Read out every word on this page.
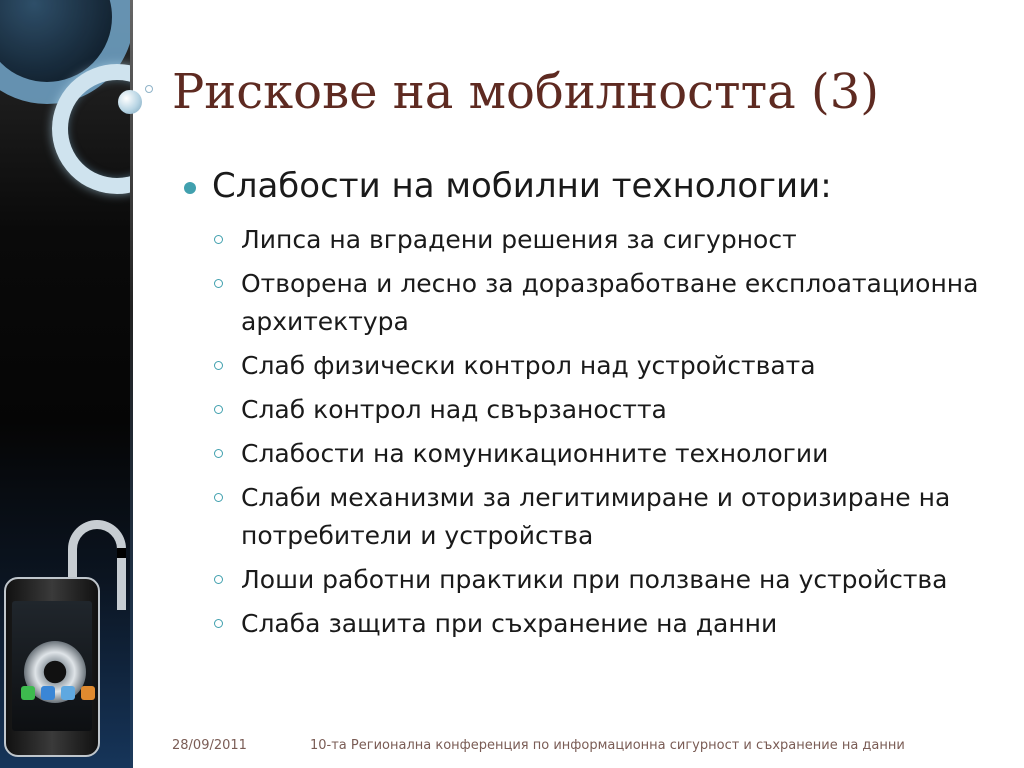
Рискове на мобилността (3)
Слабости на мобилни технологии:
Липса на вградени решения за сигурност
Отворена и лесно за доразработване експлоатационна архитектура
Слаб физически контрол над устройствата
Слаб контрол над свързаността
Слабости на комуникационните технологии
Слаби механизми за легитимиране и оторизиране на потребители и устройства
Лоши работни практики при ползване на устройства
Слаба защита при съхранение на данни
28/09/2011	10-та Регионална конференция по информационна сигурност и съхранение на данни
